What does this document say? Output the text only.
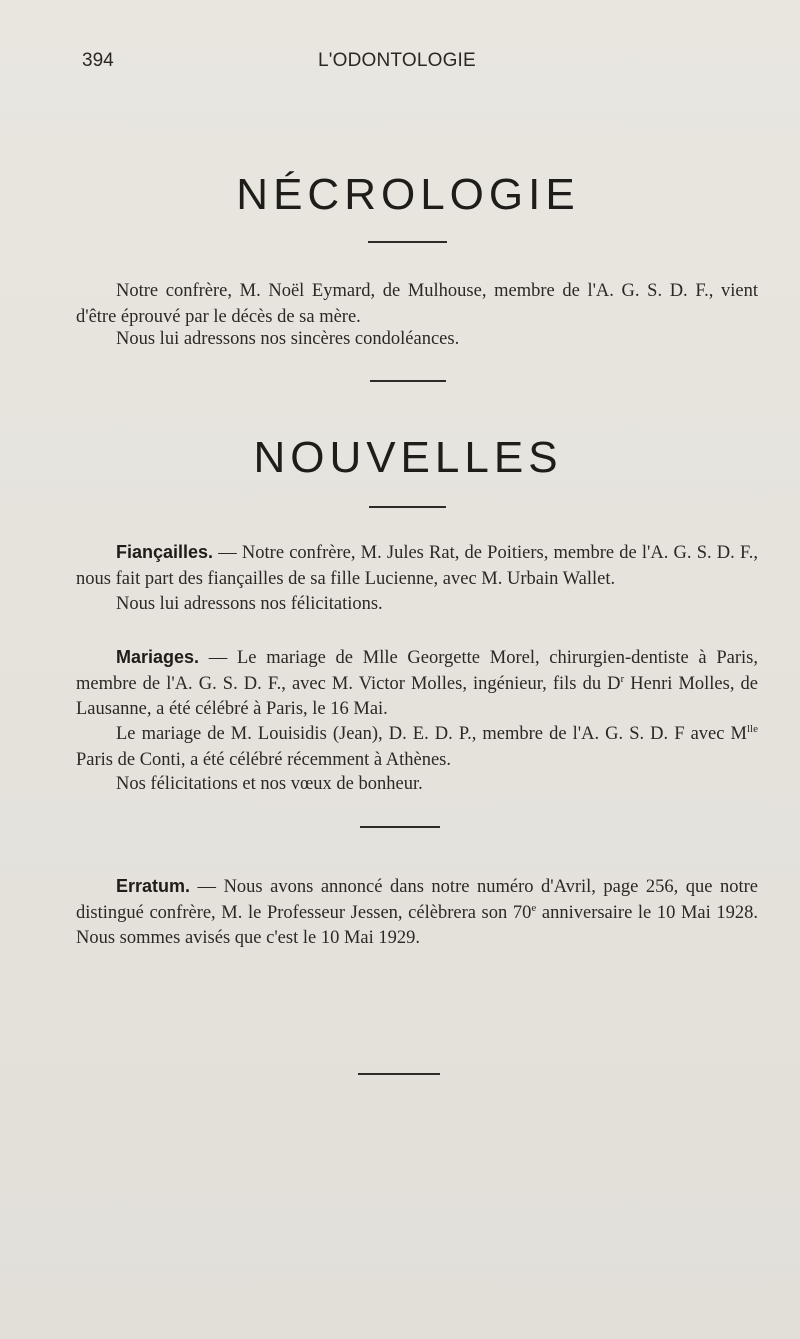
394	L'ODONTOLOGIE
NÉCROLOGIE
Notre confrère, M. Noël Eymard, de Mulhouse, membre de l'A. G. S. D. F., vient d'être éprouvé par le décès de sa mère.
Nous lui adressons nos sincères condoléances.
NOUVELLES
Fiançailles. — Notre confrère, M. Jules Rat, de Poitiers, membre de l'A. G. S. D. F., nous fait part des fiançailles de sa fille Lucienne, avec M. Urbain Wallet.
Nous lui adressons nos félicitations.
Mariages. — Le mariage de Mlle Georgette Morel, chirurgien-dentiste à Paris, membre de l'A. G. S. D. F., avec M. Victor Molles, ingénieur, fils du $D^r$ Henri Molles, de Lausanne, a été célébré à Paris, le 16 Mai.
Le mariage de M. Louisidis (Jean), D. E. D. P., membre de l'A. G. S. D. F avec $M^{lle}$ Paris de Conti, a été célébré récemment à Athènes.
Nos félicitations et nos vœux de bonheur.
Erratum. — Nous avons annoncé dans notre numéro d'Avril, page 256, que notre distingué confrère, M. le Professeur Jessen, célèbrera son 70e anniversaire le 10 Mai 1928. Nous sommes avisés que c'est le 10 Mai 1929.
